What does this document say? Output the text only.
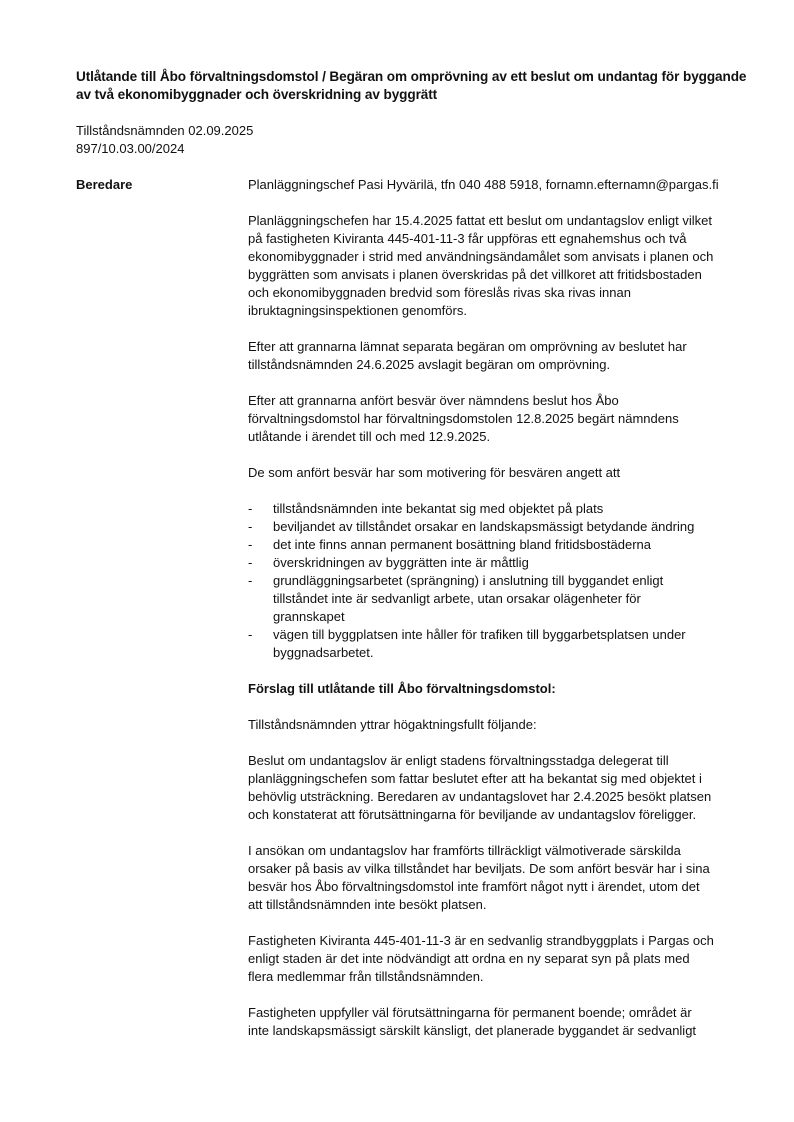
Utlåtande till Åbo förvaltningsdomstol / Begäran om omprövning av ett beslut om undantag för byggande
av två ekonomibyggnader och överskridning av byggrätt
Tillståndsnämnden 02.09.2025
897/10.03.00/2024
Beredare	Planläggningschef Pasi Hyvärilä, tfn 040 488 5918, fornamn.efternamn@pargas.fi

Planläggningschefen har 15.4.2025 fattat ett beslut om undantagslov enligt vilket
på fastigheten Kiviranta 445-401-11-3 får uppföras ett egnahemshus och två
ekonomibyggnader i strid med användningsändamålet som anvisats i planen och
byggrätten som anvisats i planen överskridas på det villkoret att fritidsbostaden
och ekonomibyggnaden bredvid som föreslås rivas ska rivas innan
ibruktagningsinspektionen genomförs.

Efter att grannarna lämnat separata begäran om omprövning av beslutet har
tillståndsnämnden 24.6.2025 avslagit begäran om omprövning.

Efter att grannarna anfört besvär över nämndens beslut hos Åbo
förvaltningsdomstol har förvaltningsdomstolen 12.8.2025 begärt nämndens
utlåtande i ärendet till och med 12.9.2025.

De som anfört besvär har som motivering för besvären angett att

- tillståndsnämnden inte bekantat sig med objektet på plats
- beviljandet av tillståndet orsakar en landskapsmässigt betydande ändring
- det inte finns annan permanent bosättning bland fritidsbostäderna
- överskridningen av byggrätten inte är måttlig
- grundläggningsarbetet (sprängning) i anslutning till byggandet enligt
tillståndet inte är sedvanligt arbete, utan orsakar olägenheter för
grannskapet
- vägen till byggplatsen inte håller för trafiken till byggarbetsplatsen under
byggnadsarbetet.

Förslag till utlåtande till Åbo förvaltningsdomstol:

Tillståndsnämnden yttrar högaktningsfullt följande:

Beslut om undantagslov är enligt stadens förvaltningsstadga delegerat till
planläggningschefen som fattar beslutet efter att ha bekantat sig med objektet i
behövlig utsträckning. Beredaren av undantagslovet har 2.4.2025 besökt platsen
och konstaterat att förutsättningarna för beviljande av undantagslov föreligger.

I ansökan om undantagslov har framförts tillräckligt välmotiverade särskilda
orsaker på basis av vilka tillståndet har beviljats. De som anfört besvär har i sina
besvär hos Åbo förvaltningsdomstol inte framfört något nytt i ärendet, utom det
att tillståndsnämnden inte besökt platsen.

Fastigheten Kiviranta 445-401-11-3 är en sedvanlig strandbyggplats i Pargas och
enligt staden är det inte nödvändigt att ordna en ny separat syn på plats med
flera medlemmar från tillståndsnämnden.

Fastigheten uppfyller väl förutsättningarna för permanent boende; området är
inte landskapsmässigt särskilt känsligt, det planerade byggandet är sedvanligt
